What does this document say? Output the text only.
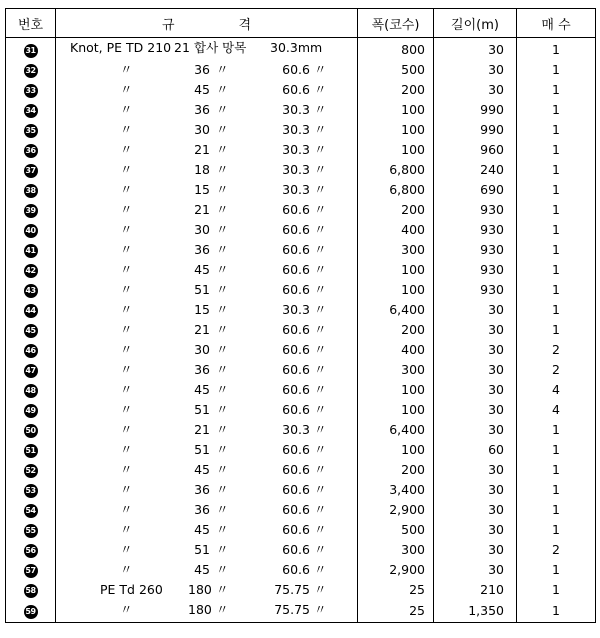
번호	규 격	폭(코수)	길이(m)	매 수
31	Knot, PE TD 210 21 합사 망목 30.3mm	800	30	1
32	〃 36 〃 60.6 〃	500	30	1
33	〃 45 〃 60.6 〃	200	30	1
34	〃 36 〃 30.3 〃	100	990	1
35	〃 30 〃 30.3 〃	100	990	1
36	〃 21 〃 30.3 〃	100	960	1
37	〃 18 〃 30.3 〃	6,800	240	1
38	〃 15 〃 30.3 〃	6,800	690	1
39	〃 21 〃 60.6 〃	200	930	1
40	〃 30 〃 60.6 〃	400	930	1
41	〃 36 〃 60.6 〃	300	930	1
42	〃 45 〃 60.6 〃	100	930	1
43	〃 51 〃 60.6 〃	100	930	1
44	〃 15 〃 30.3 〃	6,400	30	1
45	〃 21 〃 60.6 〃	200	30	1
46	〃 30 〃 60.6 〃	400	30	2
47	〃 36 〃 60.6 〃	300	30	2
48	〃 45 〃 60.6 〃	100	30	4
49	〃 51 〃 60.6 〃	100	30	4
50	〃 21 〃 30.3 〃	6,400	30	1
51	〃 51 〃 60.6 〃	100	60	1
52	〃 45 〃 60.6 〃	200	30	1
53	〃 36 〃 60.6 〃	3,400	30	1
54	〃 36 〃 60.6 〃	2,900	30	1
55	〃 45 〃 60.6 〃	500	30	1
56	〃 51 〃 60.6 〃	300	30	2
57	〃 45 〃 60.6 〃	2,900	30	1
58	PE Td 260 180 〃 75.75 〃	25	210	1
59	〃 180 〃 75.75 〃	25	1,350	1
